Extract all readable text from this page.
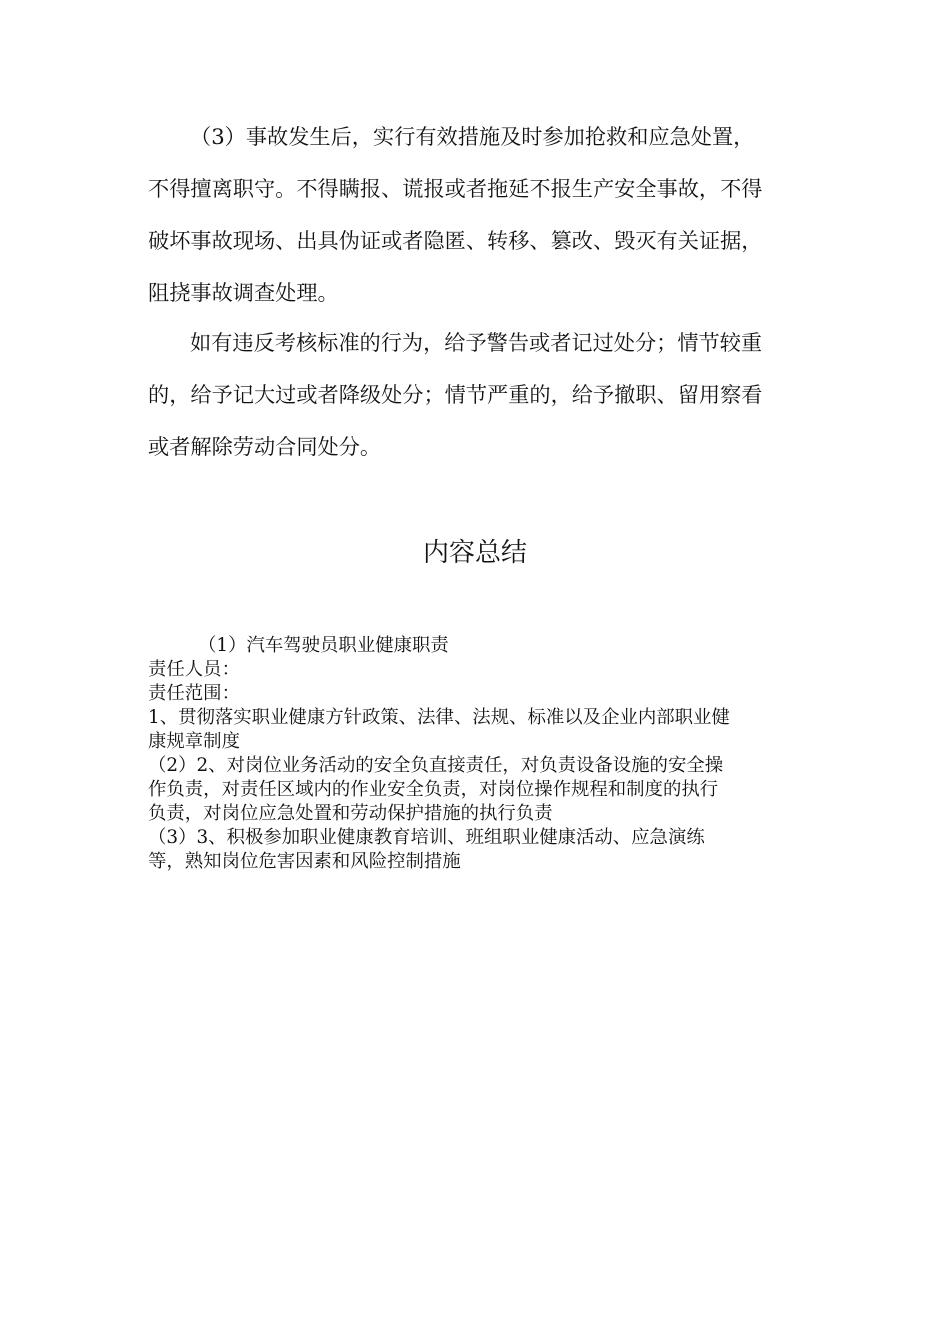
（3）事故发生后，实行有效措施及时参加抢救和应急处置，
不得擅离职守。不得瞒报、谎报或者拖延不报生产安全事故，不得
破坏事故现场、出具伪证或者隐匿、转移、篡改、毁灭有关证据，
阻挠事故调查处理。
如有违反考核标准的行为，给予警告或者记过处分；情节较重
的，给予记大过或者降级处分；情节严重的，给予撤职、留用察看
或者解除劳动合同处分。
内容总结
（1）汽车驾驶员职业健康职责
责任人员：
责任范围：
1、贯彻落实职业健康方针政策、法律、法规、标准以及企业内部职业健
康规章制度
（2）2、对岗位业务活动的安全负直接责任，对负责设备设施的安全操
作负责，对责任区域内的作业安全负责，对岗位操作规程和制度的执行
负责，对岗位应急处置和劳动保护措施的执行负责
（3）3、积极参加职业健康教育培训、班组职业健康活动、应急演练
等，熟知岗位危害因素和风险控制措施
